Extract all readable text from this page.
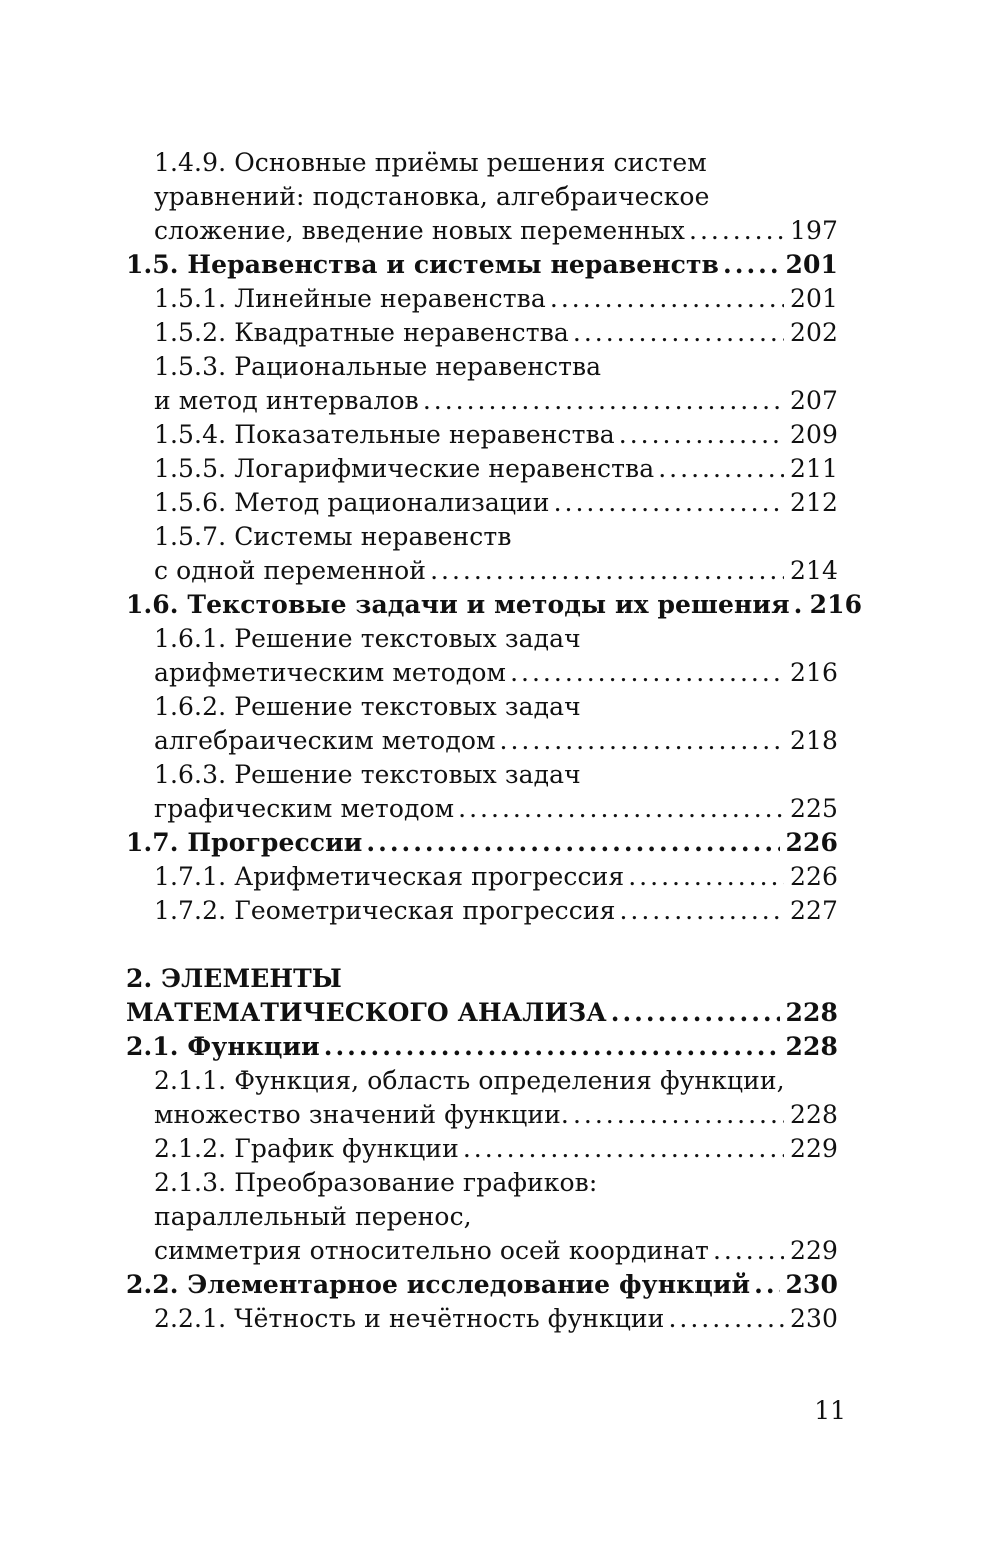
1.4.9. Основные приёмы решения систем
уравнений: подстановка, алгебраическое
сложение, введение новых переменных .....	197
1.5. Неравенства и системы неравенств .....	201
1.5.1. Линейные неравенства .....	201
1.5.2. Квадратные неравенства .....	202
1.5.3. Рациональные неравенства
и метод интервалов .....	207
1.5.4. Показательные неравенства .....	209
1.5.5. Логарифмические неравенства .....	211
1.5.6. Метод рационализации .....	212
1.5.7. Системы неравенств
с одной переменной .....	214
1.6. Текстовые задачи и методы их решения ..... 216
1.6.1. Решение текстовых задач
арифметическим методом .....	216
1.6.2. Решение текстовых задач
алгебраическим методом .....	218
1.6.3. Решение текстовых задач
графическим методом .....	225
1.7. Прогрессии .....	226
1.7.1. Арифметическая прогрессия .....	226
1.7.2. Геометрическая прогрессия .....	227
2. ЭЛЕМЕНТЫ
МАТЕМАТИЧЕСКОГО АНАЛИЗА .....	228
2.1. Функции .....	228
2.1.1. Функция, область определения функции,
множество значений функции. .....	228
2.1.2. График функции .....	229
2.1.3. Преобразование графиков:
параллельный перенос,
симметрия относительно осей координат .....	229
2.2. Элементарное исследование функций ..... 230
2.2.1. Чётность и нечётность функции .....	230
11
